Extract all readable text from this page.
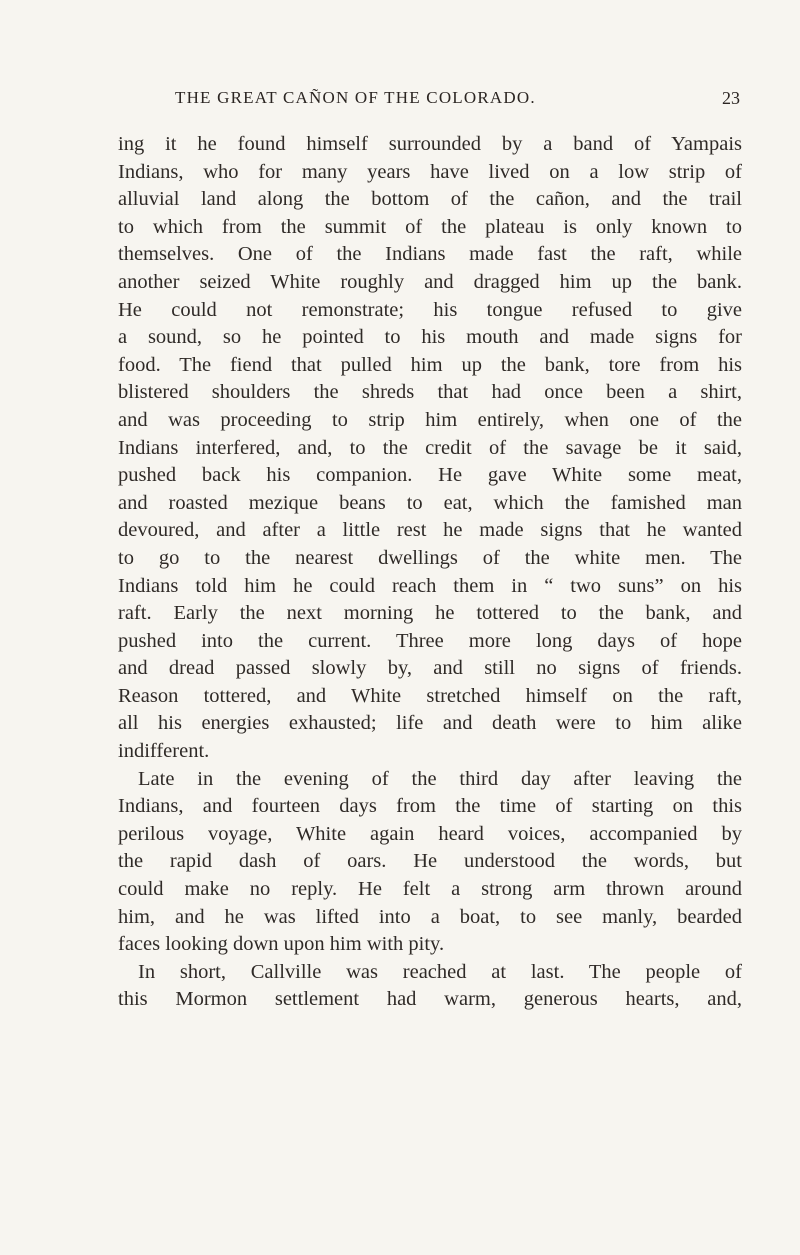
THE GREAT CAÑON OF THE COLORADO.	23
ing it he found himself surrounded by a band of Yampais
Indians, who for many years have lived on a low strip of
alluvial land along the bottom of the cañon, and the trail
to which from the summit of the plateau is only known to
themselves. One of the Indians made fast the raft, while
another seized White roughly and dragged him up the bank.
He could not remonstrate; his tongue refused to give
a sound, so he pointed to his mouth and made signs for
food. The fiend that pulled him up the bank, tore from his
blistered shoulders the shreds that had once been a shirt,
and was proceeding to strip him entirely, when one of the
Indians interfered, and, to the credit of the savage be it said,
pushed back his companion. He gave White some meat,
and roasted mezique beans to eat, which the famished man
devoured, and after a little rest he made signs that he wanted
to go to the nearest dwellings of the white men. The
Indians told him he could reach them in “ two suns” on his
raft. Early the next morning he tottered to the bank, and
pushed into the current. Three more long days of hope
and dread passed slowly by, and still no signs of friends.
Reason tottered, and White stretched himself on the raft,
all his energies exhausted; life and death were to him alike
indifferent.
Late in the evening of the third day after leaving the
Indians, and fourteen days from the time of starting on this
perilous voyage, White again heard voices, accompanied by
the rapid dash of oars. He understood the words, but
could make no reply. He felt a strong arm thrown around
him, and he was lifted into a boat, to see manly, bearded
faces looking down upon him with pity.
In short, Callville was reached at last. The people of
this Mormon settlement had warm, generous hearts, and,
